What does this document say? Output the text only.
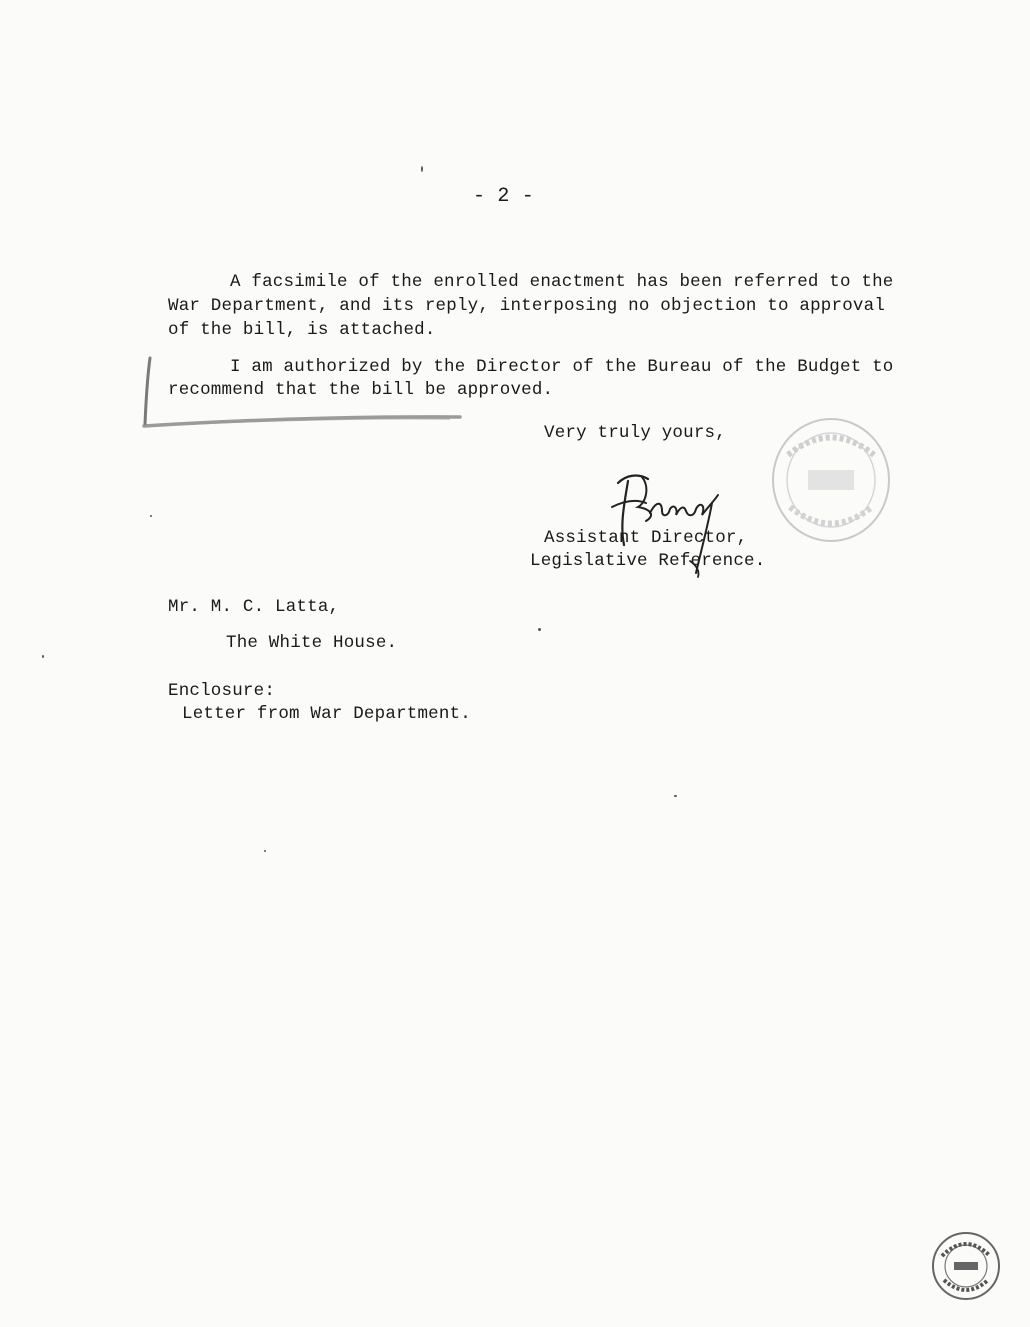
- 2 -
A facsimile of the enrolled enactment has been referred to the
War Department, and its reply, interposing no objection to approval
of the bill, is attached.
I am authorized by the Director of the Bureau of the Budget to
recommend that the bill be approved.
Very truly yours,
Assistant Director,
Legislative Reference.
Mr. M. C. Latta,
The White House.
Enclosure:
Letter from War Department.
